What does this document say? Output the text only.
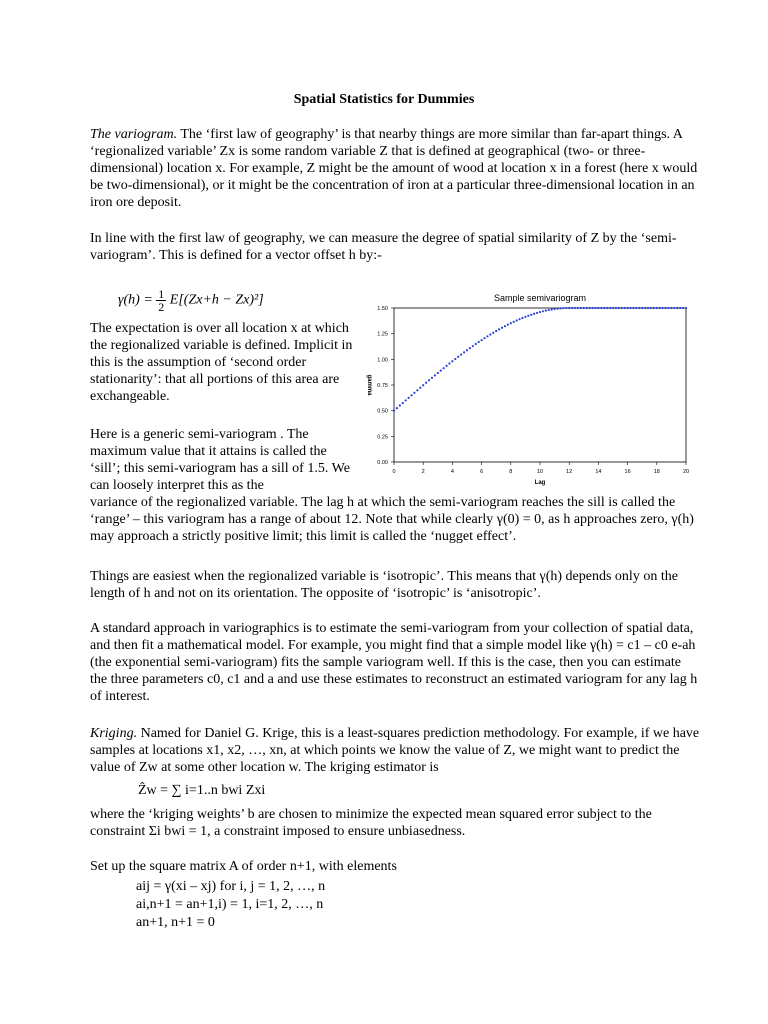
Spatial Statistics for Dummies

The variogram. The ‘first law of geography’ is that nearby things are more similar than far-apart things. A ‘regionalized variable’ Zx is some random variable Z that is defined at geographical (two- or three-dimensional) location x. For example, Z might be the amount of wood at location x in a forest (here x would be two-dimensional), or it might be the concentration of iron at a particular three-dimensional location in an iron ore deposit.

In line with the first law of geography, we can measure the degree of spatial similarity of Z by the ‘semi-variogram’. This is defined for a vector offset h by:-

$\gamma(h) = \frac{1}{2} E[(Zx+h - Zx)^2]$

The expectation is over all location x at which the regionalized variable is defined. Implicit in this is the assumption of ‘second order stationarity’: that all portions of this area are exchangeable.

Here is a generic semi-variogram . The maximum value that it attains is called the ‘sill’; this semi-variogram has a sill of 1.5. We can loosely interpret this as the

variance of the regionalized variable. The lag h at which the semi-variogram reaches the sill is called the ‘range’ – this variogram has a range of about 12. Note that while clearly γ(0) = 0, as h approaches zero, γ(h) may approach a strictly positive limit; this limit is called the ‘nugget effect’.

Things are easiest when the regionalized variable is ‘isotropic’. This means that γ(h) depends only on the length of h and not on its orientation. The opposite of ‘isotropic’ is ‘anisotropic’.

A standard approach in variographics is to estimate the semi-variogram from your collection of spatial data, and then fit a mathematical model. For example, you might find that a simple model like γ(h) = c1 – c0 e-ah (the exponential semi-variogram) fits the sample variogram well. If this is the case, then you can estimate the three parameters c0, c1 and a and use these estimates to reconstruct an estimated variogram for any lag h of interest.

Kriging. Named for Daniel G. Krige, this is a least-squares prediction methodology. For example, if we have samples at locations x1, x2, …, xn, at which points we know the value of Z, we might want to predict the value of Zw at some other location w. The kriging estimator is

Ẑw = ∑ i=1..n bwi Zxi

where the ‘kriging weights’ b are chosen to minimize the expected mean squared error subject to the constraint Σi bwi = 1, a constraint imposed to ensure unbiasedness.

Set up the square matrix A of order n+1, with elements

aij = γ(xi – xj) for i, j = 1, 2, …, n
ai,n+1 = an+1,i) = 1, i=1, 2, …, n
an+1, n+1 = 0
Sample semivariogram
0.00
0.25
0.50
0.75
1.00
1.25
1.50
0	2	4	6	8	10	12	14	16	18	20
Lag
gamma
